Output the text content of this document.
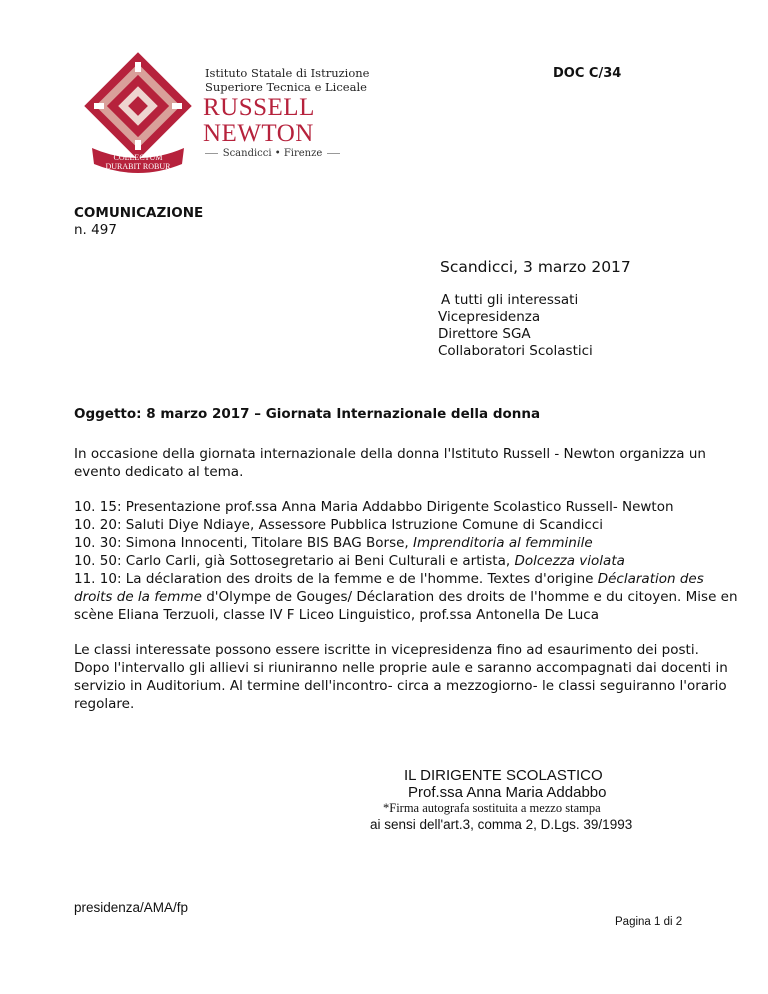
COLLECTUM
DURABIT ROBUR
Istituto Statale di Istruzione
Superiore Tecnica e Liceale
RUSSELL
NEWTON
Scandicci • Firenze
DOC C/34
COMUNICAZIONE
n. 497
Scandicci, 3 marzo 2017
A tutti gli interessati
Vicepresidenza
Direttore SGA
Collaboratori Scolastici
Oggetto: 8 marzo 2017 – Giornata Internazionale della donna
In occasione della giornata internazionale della donna l'Istituto Russell - Newton organizza un
evento dedicato al tema.
10. 15: Presentazione prof.ssa Anna Maria Addabbo Dirigente Scolastico Russell- Newton
10. 20: Saluti Diye Ndiaye, Assessore Pubblica Istruzione Comune di Scandicci
10. 30: Simona Innocenti, Titolare BIS BAG Borse, Imprenditoria al femminile
10. 50: Carlo Carli, già Sottosegretario ai Beni Culturali e artista, Dolcezza violata
11. 10: La déclaration des droits de la femme e de l'homme. Textes d'origine Déclaration des
droits de la femme d'Olympe de Gouges/ Déclaration des droits de l'homme e du citoyen. Mise en
scène Eliana Terzuoli, classe IV F Liceo Linguistico, prof.ssa Antonella De Luca
Le classi interessate possono essere iscritte in vicepresidenza fino ad esaurimento dei posti.
Dopo l'intervallo gli allievi si riuniranno nelle proprie aule e saranno accompagnati dai docenti in
servizio in Auditorium. Al termine dell'incontro- circa a mezzogiorno- le classi seguiranno l'orario
regolare.
IL DIRIGENTE SCOLASTICO
Prof.ssa Anna Maria Addabbo
*Firma autografa sostituita a mezzo stampa
ai sensi dell'art.3, comma 2, D.Lgs. 39/1993
presidenza/AMA/fp
Pagina 1 di 2
